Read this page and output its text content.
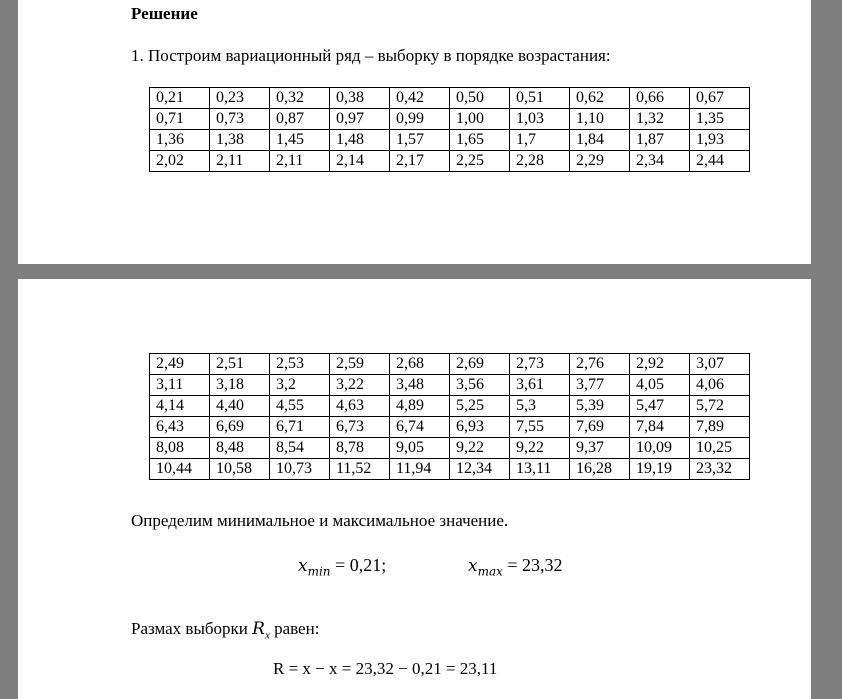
Решение
1. Построим вариационный ряд – выборку в порядке возрастания:
0,21	0,23	0,32	0,38	0,42	0,50	0,51	0,62	0,66	0,67
0,71	0,73	0,87	0,97	0,99	1,00	1,03	1,10	1,32	1,35
1,36	1,38	1,45	1,48	1,57	1,65	1,7	1,84	1,87	1,93
2,02	2,11	2,11	2,14	2,17	2,25	2,28	2,29	2,34	2,44
2,49	2,51	2,53	2,59	2,68	2,69	2,73	2,76	2,92	3,07
3,11	3,18	3,2	3,22	3,48	3,56	3,61	3,77	4,05	4,06
4,14	4,40	4,55	4,63	4,89	5,25	5,3	5,39	5,47	5,72
6,43	6,69	6,71	6,73	6,74	6,93	7,55	7,69	7,84	7,89
8,08	8,48	8,54	8,78	9,05	9,22	9,22	9,37	10,09	10,25
10,44	10,58	10,73	11,52	11,94	12,34	13,11	16,28	19,19	23,32
Определим минимальное и максимальное значение.
$x_{min} = 0,21$;	$x_{max} = 23,32$
Размах выборки $R_x$ равен:
R = x − x = 23,32 − 0,21 = 23,11
